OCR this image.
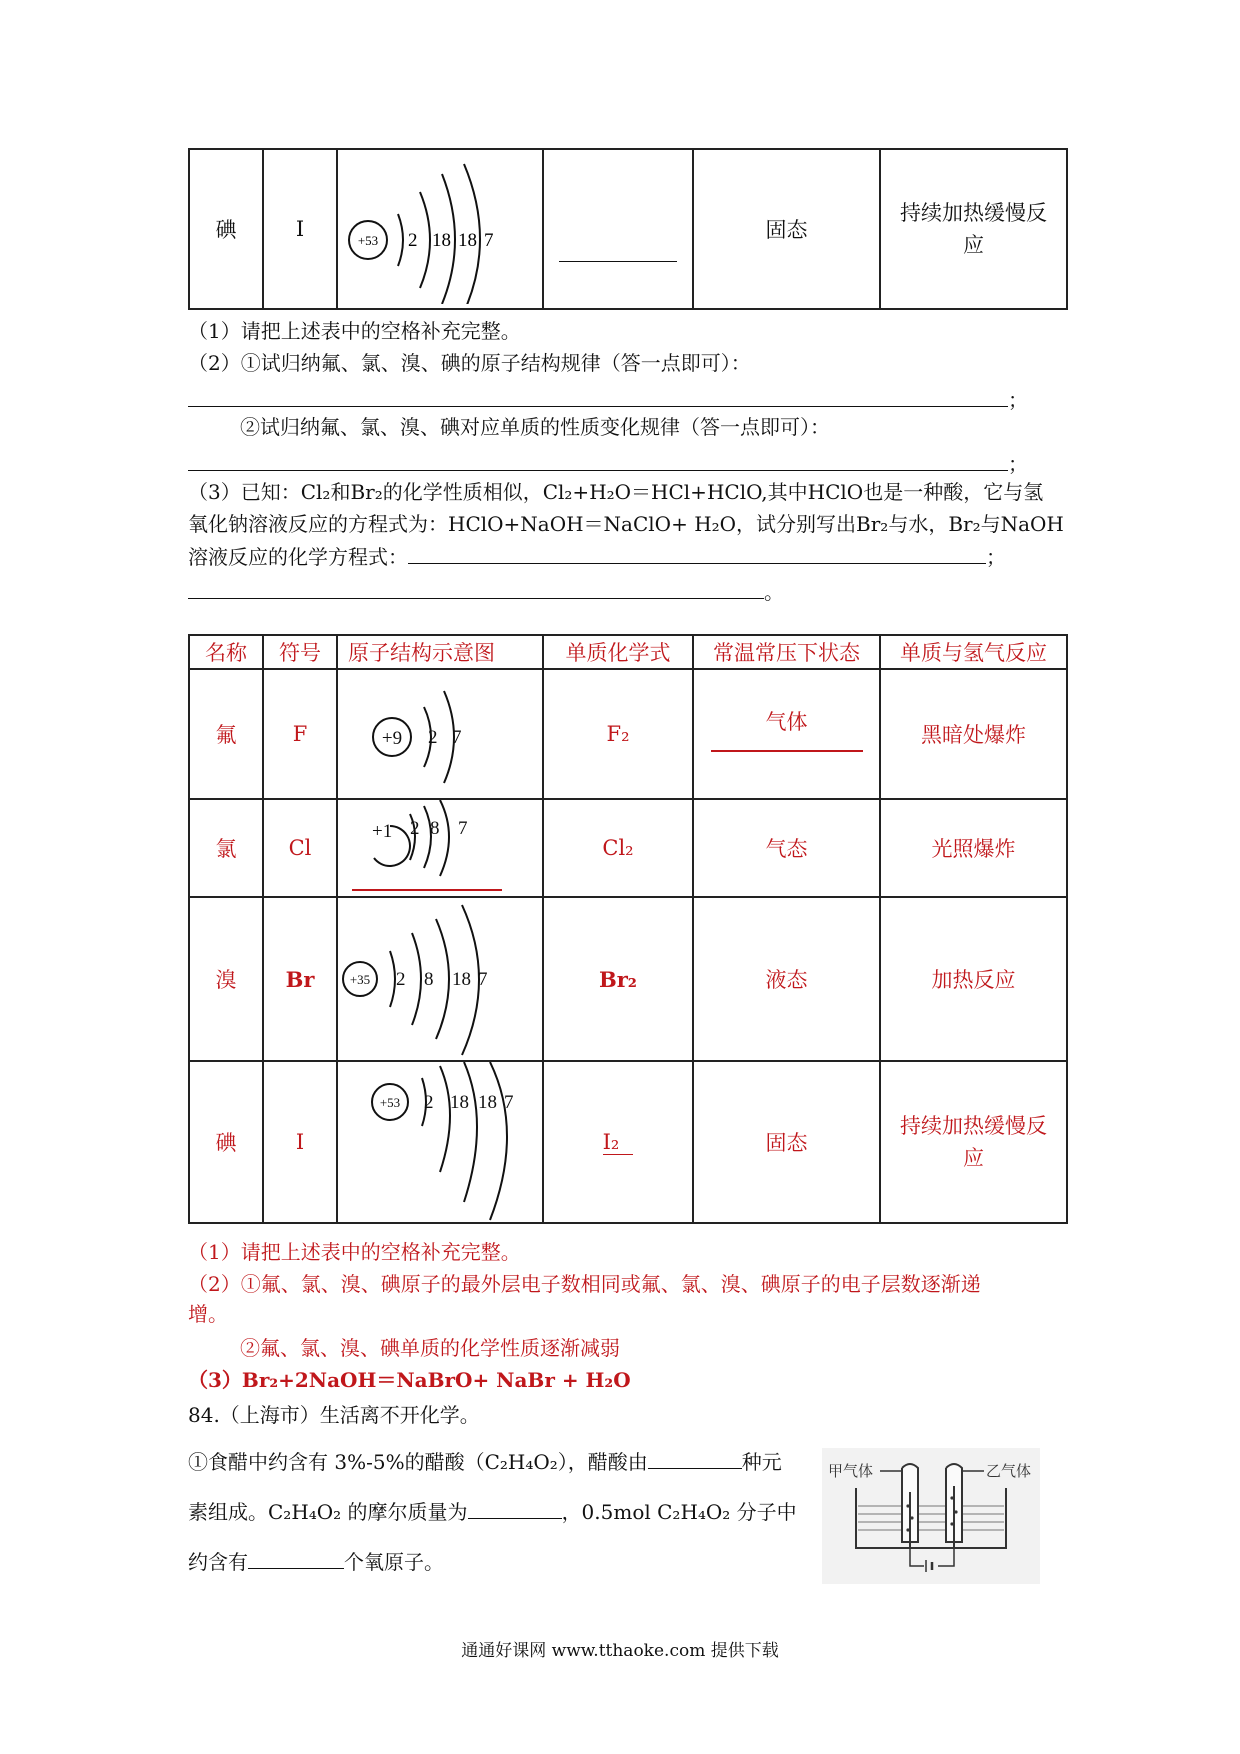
碘	I	+53 2 18 18 7		固态	持续加热缓慢反应
（1）请把上述表中的空格补充完整。
（2）①试归纳氟、氯、溴、碘的原子结构规律（答一点即可）：
；
②试归纳氟、氯、溴、碘对应单质的性质变化规律（答一点即可）：
；
（3）已知：Cl₂和Br₂的化学性质相似，Cl₂+H₂O＝HCl+HClO,其中HClO也是一种酸，它与氢
氧化钠溶液反应的方程式为：HClO+NaOH＝NaClO+ H₂O，试分别写出Br₂与水，Br₂与NaOH
溶液反应的化学方程式：	；
。
名称	符号	原子结构示意图	单质化学式	常温常压下状态	单质与氢气反应
氟	F	+9 2 7	F₂	气体	黑暗处爆炸
氯	Cl	+1 2 8 7	Cl₂	气态	光照爆炸
溴	Br	+35 2 8 18 7	Br₂	液态	加热反应
碘	I	+53 2 18 18 7	I₂	固态	持续加热缓慢反应
（1）请把上述表中的空格补充完整。
（2）①氟、氯、溴、碘原子的最外层电子数相同或氟、氯、溴、碘原子的电子层数逐渐递
增。
②氟、氯、溴、碘单质的化学性质逐渐减弱
（3）Br₂+2NaOH＝NaBrO+ NaBr + H₂O
84.（上海市）生活离不开化学。
①食醋中约含有 3%-5%的醋酸（C₂H₄O₂），醋酸由	种元
素组成。C₂H₄O₂ 的摩尔质量为	，0.5mol C₂H₄O₂ 分子中
约含有	个氧原子。
甲气体	乙气体
通通好课网 www.tthaoke.com 提供下载
